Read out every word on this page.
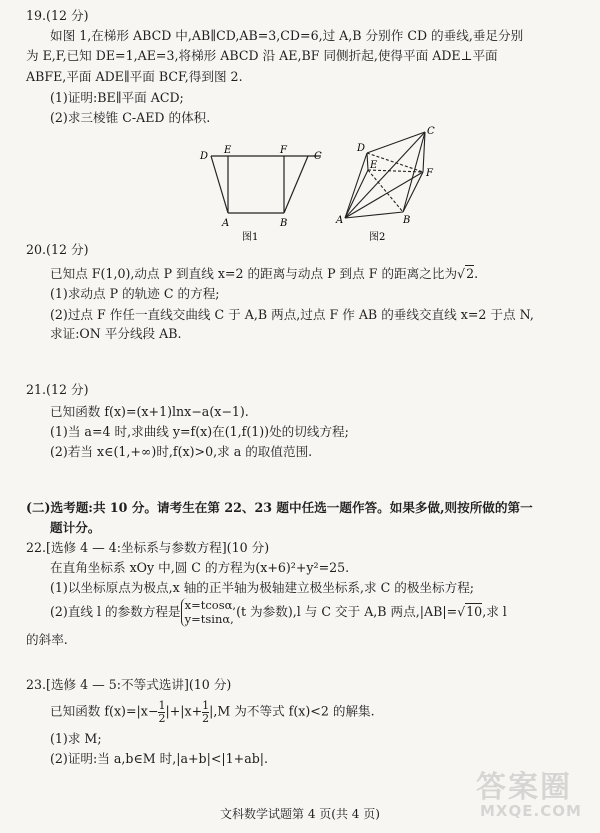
19.(12 分)
如图 1,在梯形 ABCD 中,AB∥CD,AB=3,CD=6,过 A,B 分别作 CD 的垂线,垂足分别
为 E,F,已知 DE=1,AE=3,将梯形 ABCD 沿 AE,BF 同侧折起,使得平面 ADE⊥平面
ABFE,平面 ADE∥平面 BCF,得到图 2.
(1)证明:BE∥平面 ACD;
(2)求三棱锥 C-AED 的体积.
D
E	F
C
A	B
图1
C
D
E
F
A	B
图2
20.(12 分)
已知点 F(1,0),动点 P 到直线 x=2 的距离与动点 P 到点 F 的距离之比为√2.
(1)求动点 P 的轨迹 C 的方程;
(2)过点 F 作任一直线交曲线 C 于 A,B 两点,过点 F 作 AB 的垂线交直线 x=2 于点 N,
求证:ON 平分线段 AB.
21.(12 分)
已知函数 f(x)=(x+1)lnx−a(x−1).
(1)当 a=4 时,求曲线 y=f(x)在(1,f(1))处的切线方程;
(2)若当 x∈(1,+∞)时,f(x)>0,求 a 的取值范围.
(二)选考题:共 10 分。请考生在第 22、23 题中任选一题作答。如果多做,则按所做的第一
题计分。
22.[选修 4 — 4:坐标系与参数方程](10 分)
在直角坐标系 xOy 中,圆 C 的方程为(x+6)²+y²=25.
(1)以坐标原点为极点,x 轴的正半轴为极轴建立极坐标系,求 C 的极坐标方程;
(2)直线 l 的参数方程是 x=tcosα,
y=tsinα,
(t 为参数),l 与 C 交于 A,B 两点,|AB|=√10,求 l
的斜率.
23.[选修 4 — 5:不等式选讲](10 分)
已知函数 $f(x)=|x- \frac{1}{2} |+|x+ \frac{1}{2} |,M$ 为不等式 f(x)<2 的解集.
(1)求 M;
(2)证明:当 a,b∈M 时,|a+b|<|1+ab|.
文科数学试题第 4 页(共 4 页)
答案圈
MXQE.COM
